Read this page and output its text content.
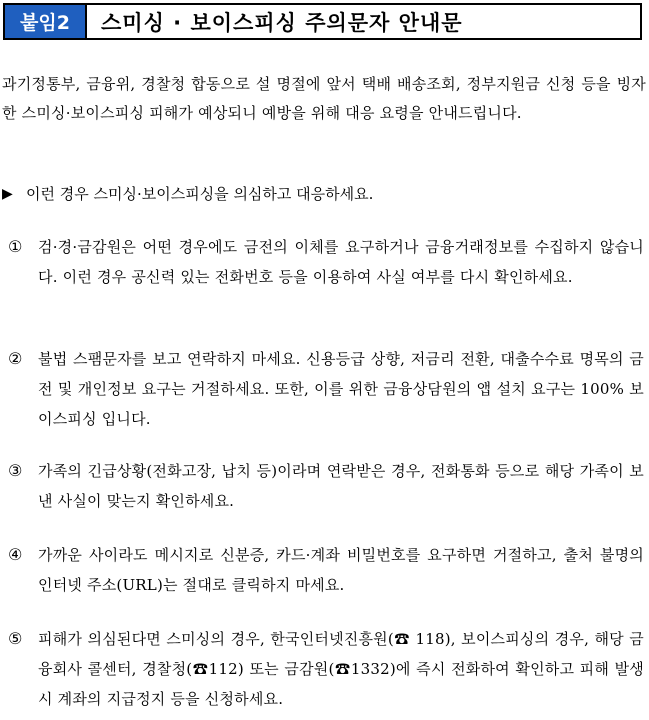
붙임2	스미싱 · 보이스피싱 주의문자 안내문
과기정통부, 금융위, 경찰청 합동으로 설 명절에 앞서 택배 배송조회, 정부지원금 신청 등을 빙자한 스미싱·보이스피싱 피해가 예상되니 예방을 위해 대응 요령을 안내드립니다.
▶ 이런 경우 스미싱·보이스피싱을 의심하고 대응하세요.
①	검·경·금감원은 어떤 경우에도 금전의 이체를 요구하거나 금융거래정보를 수집하지 않습니다. 이런 경우 공신력 있는 전화번호 등을 이용하여 사실 여부를 다시 확인하세요.
②	불법 스팸문자를 보고 연락하지 마세요. 신용등급 상향, 저금리 전환, 대출수수료 명목의 금전 및 개인정보 요구는 거절하세요. 또한, 이를 위한 금융상담원의 앱 설치 요구는 100% 보이스피싱 입니다.
③	가족의 긴급상황(전화고장, 납치 등)이라며 연락받은 경우, 전화통화 등으로 해당 가족이 보낸 사실이 맞는지 확인하세요.
④	가까운 사이라도 메시지로 신분증, 카드·계좌 비밀번호를 요구하면 거절하고, 출처 불명의 인터넷 주소(URL)는 절대로 클릭하지 마세요.
⑤	피해가 의심된다면 스미싱의 경우, 한국인터넷진흥원(☎ 118), 보이스피싱의 경우, 해당 금융회사 콜센터, 경찰청(☎112) 또는 금감원(☎1332)에 즉시 전화하여 확인하고 피해 발생시 계좌의 지급정지 등을 신청하세요.
